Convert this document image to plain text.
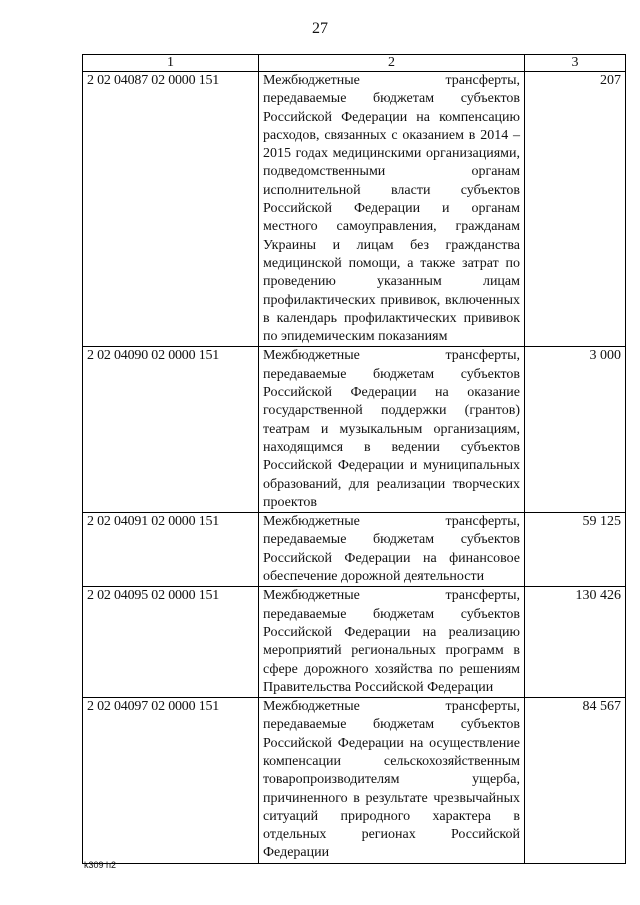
27
1	2	3
2 02 04087 02 0000 151	Межбюджетные трансферты, передаваемые бюджетам субъектов Российской Федерации на компенсацию расходов, связанных с оказанием в 2014 – 2015 годах медицинскими организациями, подведомственными органам исполнительной власти субъектов Российской Федерации и органам местного самоуправления, гражданам Украины и лицам без гражданства медицинской помощи, а также затрат по проведению указанным лицам профилактических прививок, включенных в календарь профилактических прививок по эпидемическим показаниям	207
2 02 04090 02 0000 151	Межбюджетные трансферты, передаваемые бюджетам субъектов Российской Федерации на оказание государственной поддержки (грантов) театрам и музыкальным организациям, находящимся в ведении субъектов Российской Федерации и муниципальных образований, для реализации творческих проектов	3 000
2 02 04091 02 0000 151	Межбюджетные трансферты, передаваемые бюджетам субъектов Российской Федерации на финансовое обеспечение дорожной деятельности	59 125
2 02 04095 02 0000 151	Межбюджетные трансферты, передаваемые бюджетам субъектов Российской Федерации на реализацию мероприятий региональных программ в сфере дорожного хозяйства по решениям Правительства Российской Федерации	130 426
2 02 04097 02 0000 151	Межбюджетные трансферты, передаваемые бюджетам субъектов Российской Федерации на осуществление компенсации сельскохозяйственным товаропроизводителям ущерба, причиненного в результате чрезвычайных ситуаций природного характера в отдельных регионах Российской Федерации	84 567
k309 h2
